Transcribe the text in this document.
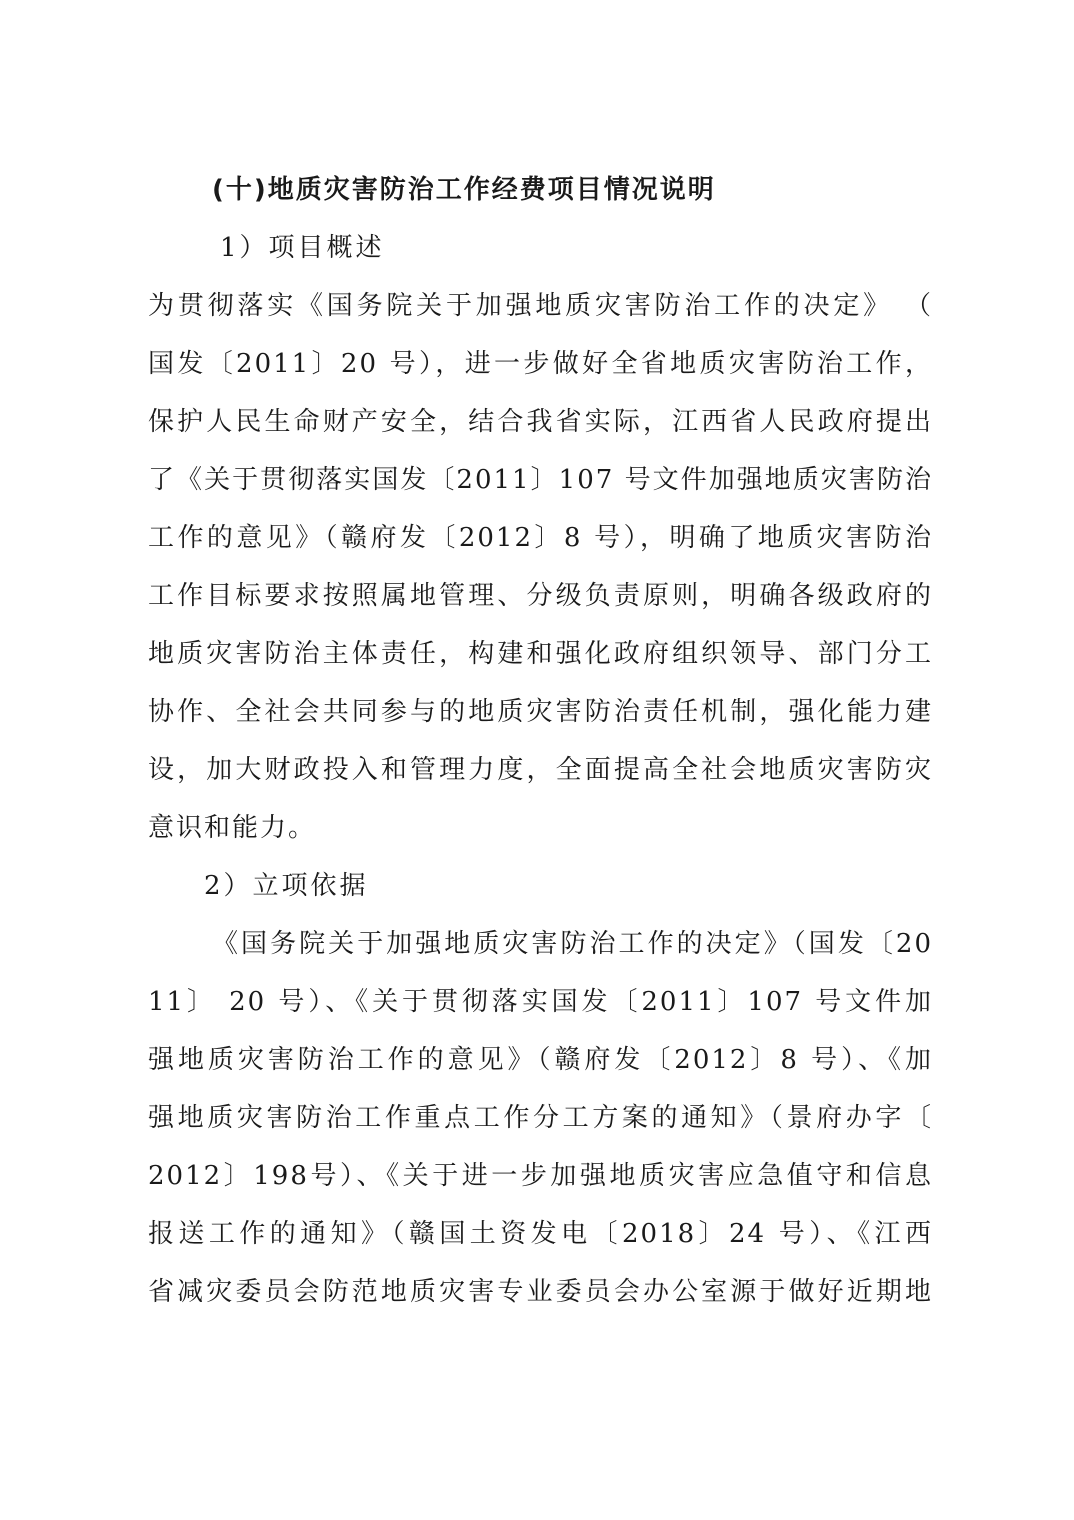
(十)地质灾害防治工作经费项目情况说明
1）项目概述
为贯彻落实《国务院关于加强地质灾害防治工作的决定》 （
国发〔2011〕20 号），进一步做好全省地质灾害防治工作，
保护人民生命财产安全，结合我省实际，江西省人民政府提出
了《关于贯彻落实国发〔2011〕107 号文件加强地质灾害防治
工作的意见》（赣府发〔2012〕8 号），明确了地质灾害防治
工作目标要求按照属地管理、分级负责原则，明确各级政府的
地质灾害防治主体责任，构建和强化政府组织领导、部门分工
协作、全社会共同参与的地质灾害防治责任机制，强化能力建
设，加大财政投入和管理力度，全面提高全社会地质灾害防灾
意识和能力。
2）立项依据
《国务院关于加强地质灾害防治工作的决定》（国发〔20
11〕 20 号）、《关于贯彻落实国发〔2011〕107 号文件加
强地质灾害防治工作的意见》（赣府发〔2012〕8 号）、《加
强地质灾害防治工作重点工作分工方案的通知》（景府办字〔
2012〕198号）、《关于进一步加强地质灾害应急值守和信息
报送工作的通知》（赣国土资发电〔2018〕24 号）、《江西
省减灾委员会防范地质灾害专业委员会办公室源于做好近期地
